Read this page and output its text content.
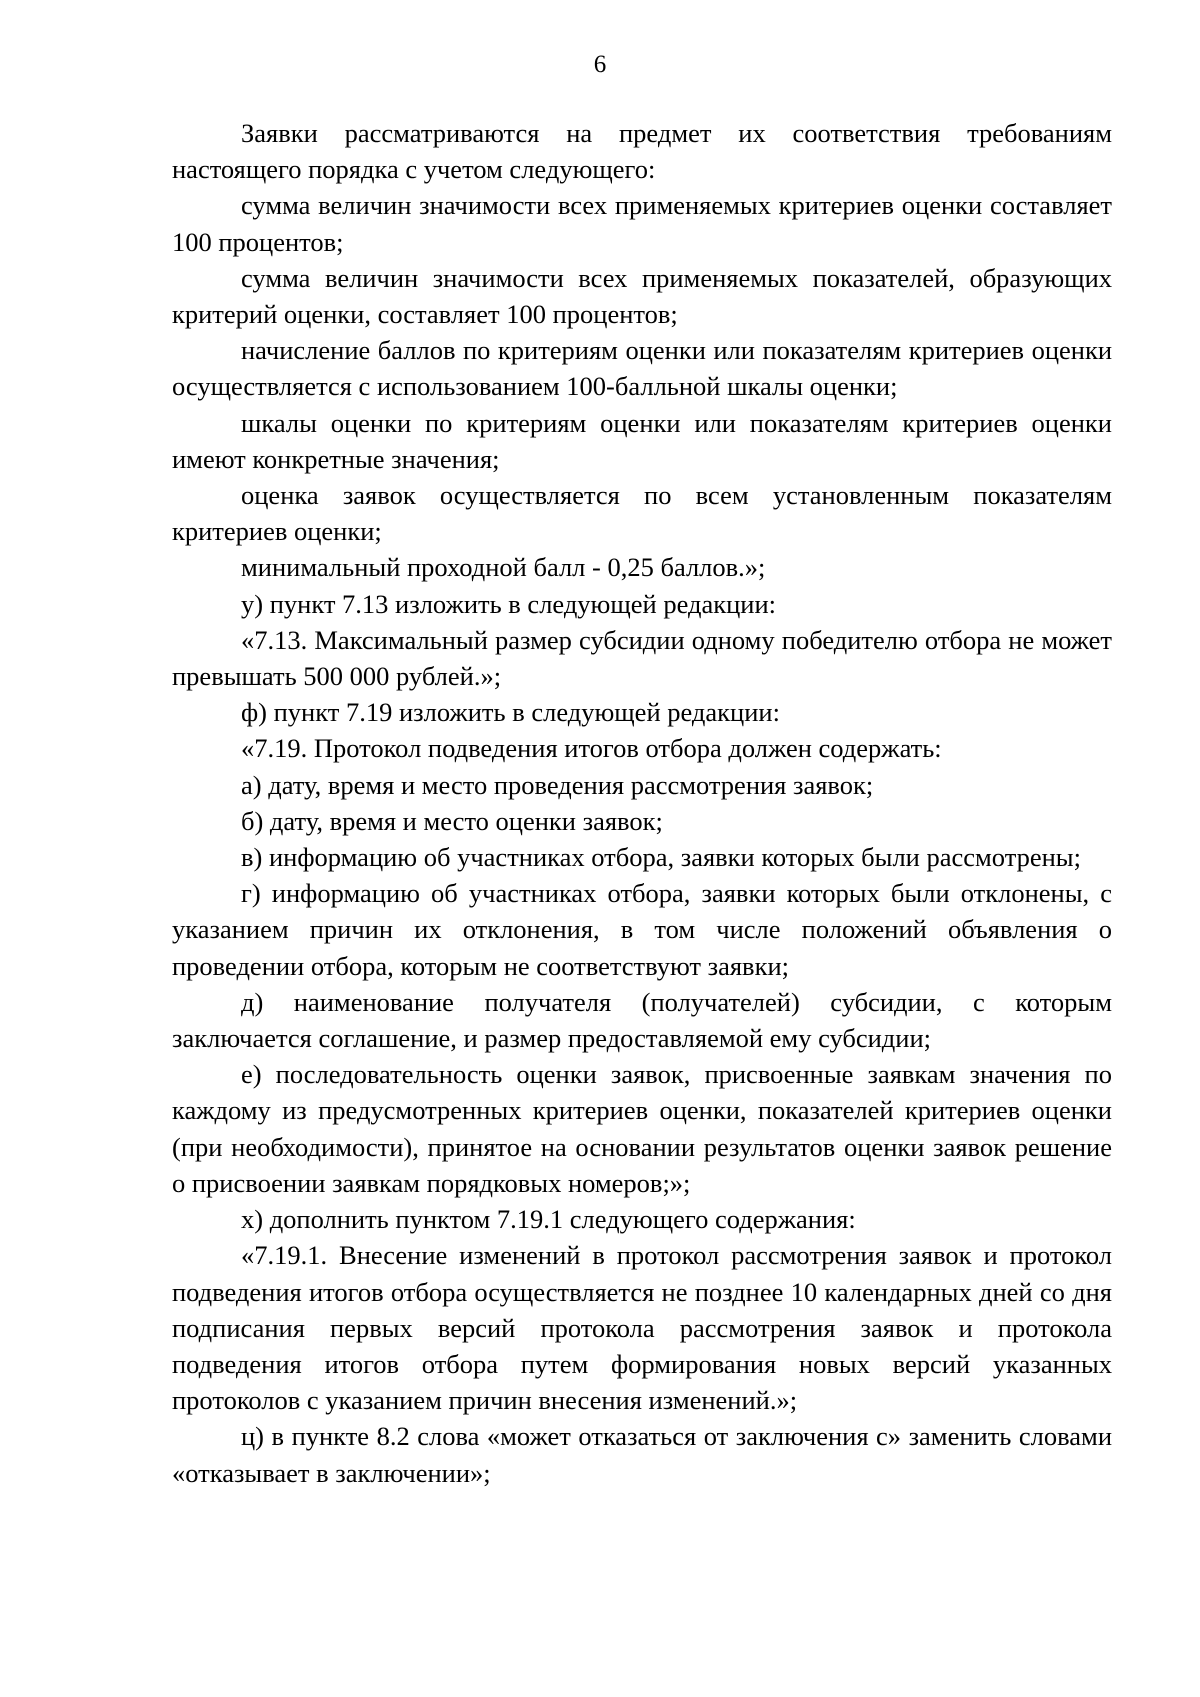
6

Заявки рассматриваются на предмет их соответствия требованиям настоящего порядка с учетом следующего:

сумма величин значимости всех применяемых критериев оценки составляет 100 процентов;

сумма величин значимости всех применяемых показателей, образующих критерий оценки, составляет 100 процентов;

начисление баллов по критериям оценки или показателям критериев оценки осуществляется с использованием 100-балльной шкалы оценки;

шкалы оценки по критериям оценки или показателям критериев оценки имеют конкретные значения;

оценка заявок осуществляется по всем установленным показателям критериев оценки;

минимальный проходной балл - 0,25 баллов.»;

у) пункт 7.13 изложить в следующей редакции:

«7.13. Максимальный размер субсидии одному победителю отбора не может превышать 500 000 рублей.»;

ф) пункт 7.19 изложить в следующей редакции:

«7.19. Протокол подведения итогов отбора должен содержать:

а) дату, время и место проведения рассмотрения заявок;

б) дату, время и место оценки заявок;

в) информацию об участниках отбора, заявки которых были рассмотрены;

г) информацию об участниках отбора, заявки которых были отклонены, с указанием причин их отклонения, в том числе положений объявления о проведении отбора, которым не соответствуют заявки;

д) наименование получателя (получателей) субсидии, с которым заключается соглашение, и размер предоставляемой ему субсидии;

е) последовательность оценки заявок, присвоенные заявкам значения по каждому из предусмотренных критериев оценки, показателей критериев оценки (при необходимости), принятое на основании результатов оценки заявок решение о присвоении заявкам порядковых номеров;»;

х) дополнить пунктом 7.19.1 следующего содержания:

«7.19.1. Внесение изменений в протокол рассмотрения заявок и протокол подведения итогов отбора осуществляется не позднее 10 календарных дней со дня подписания первых версий протокола рассмотрения заявок и протокола подведения итогов отбора путем формирования новых версий указанных протоколов с указанием причин внесения изменений.»;

ц) в пункте 8.2 слова «может отказаться от заключения с» заменить словами «отказывает в заключении»;
